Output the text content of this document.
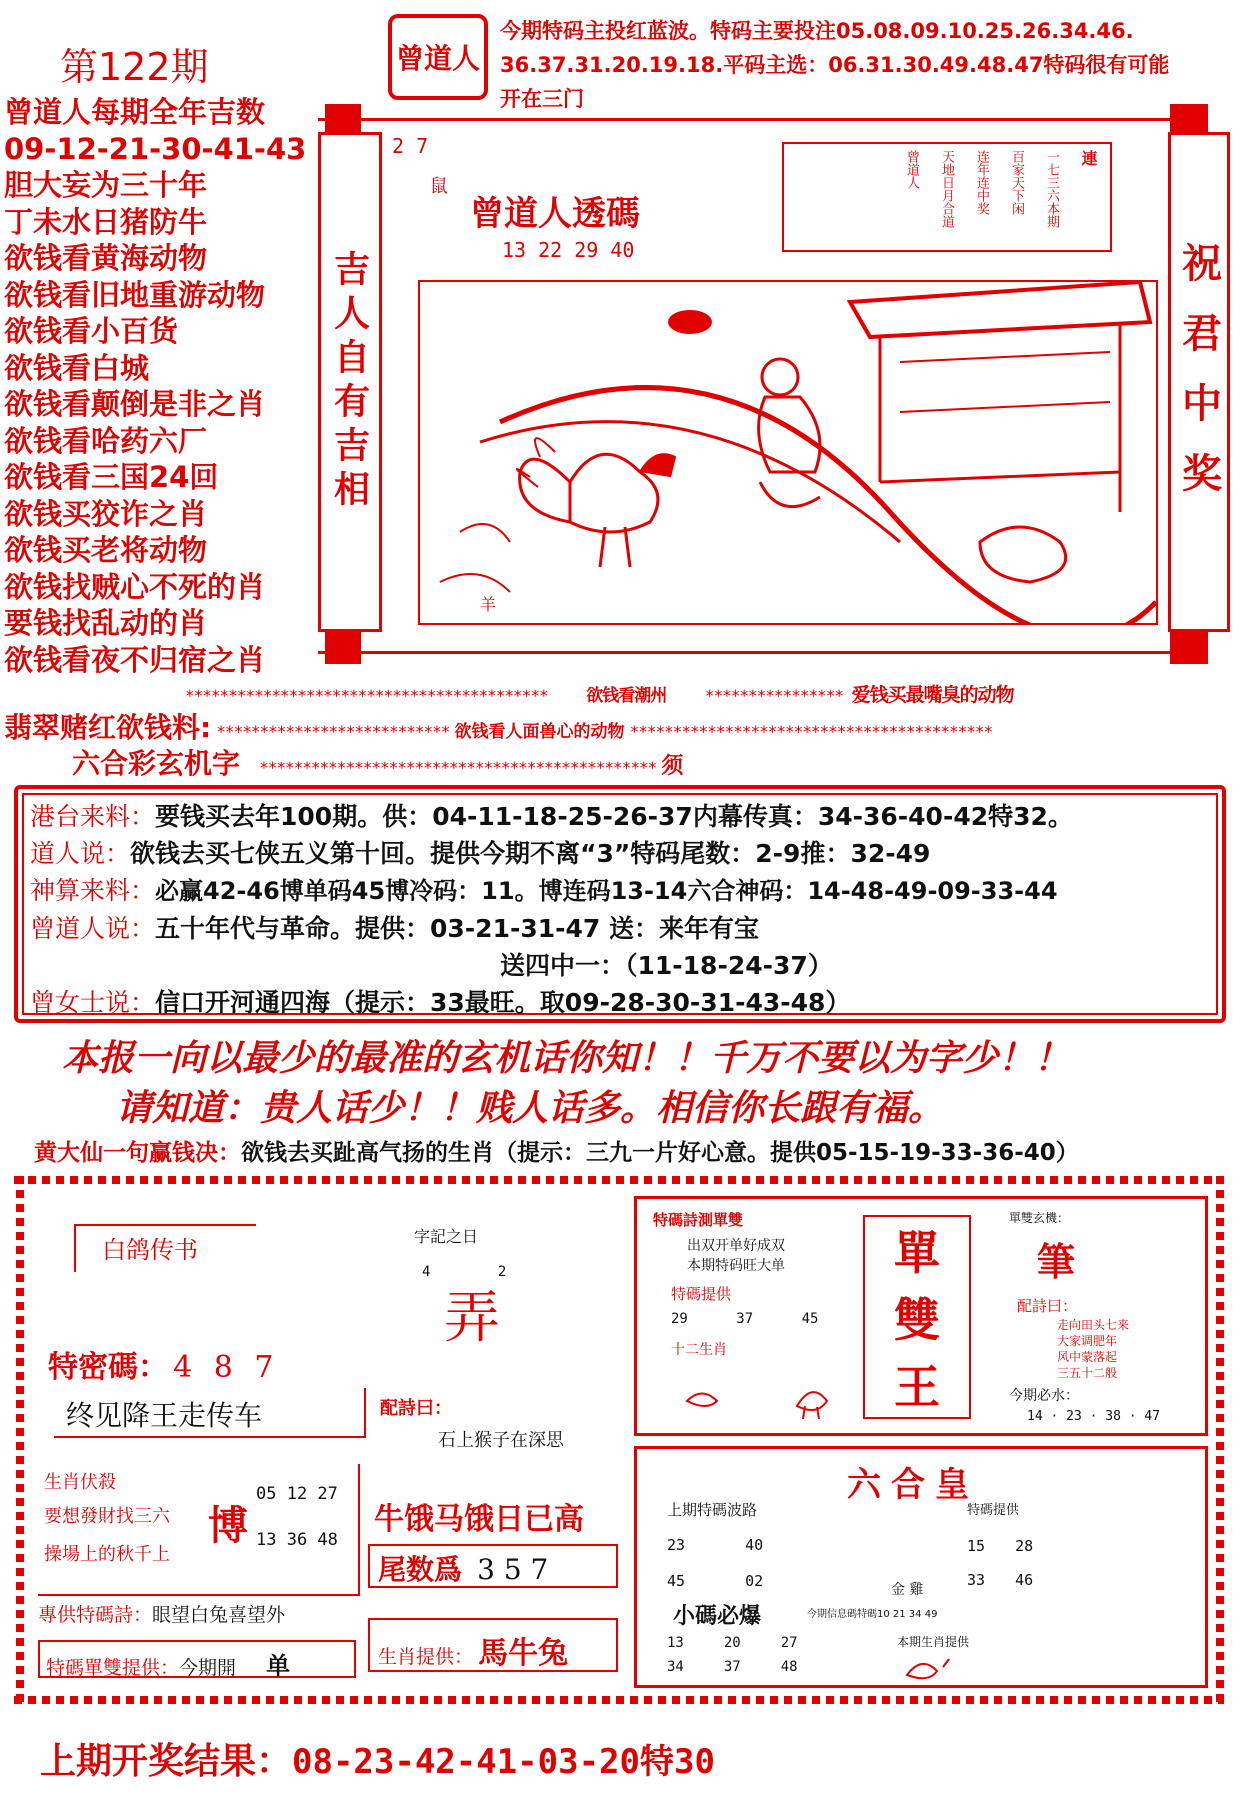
第122期	曾道人
今期特码主投红蓝波。特码主要投注05.08.09.10.25.26.34.46.
36.37.31.20.19.18.平码主选：06.31.30.49.48.47特码很有可能
开在三门
曾道人每期全年吉数
09-12-21-30-41-43
胆大妄为三十年
丁未水日猪防牛
欲钱看黄海动物
欲钱看旧地重游动物
欲钱看小百货
欲钱看白城
欲钱看颠倒是非之肖
欲钱看哈药六厂
欲钱看三国24回
欲钱买狡诈之肖
欲钱买老将动物
欲钱找贼心不死的肖
要钱找乱动的肖
欲钱看夜不归宿之肖
吉人自有吉相	祝君中奖
2 7
鼠
曾道人透碼
13 22 29 40
連
一七三六本期
百家天下闲
连年连中奖
天地日月合道
曾道人
羊
****************************************** 欲钱看潮州 **************** 爱钱买最嘴臭的动物
翡翠赌红欲钱料: *************************** 欲钱看人面兽心的动物 ******************************************
六合彩玄机字 ********************************************** 须
港台来料：要钱买去年100期。供：04-11-18-25-26-37内幕传真：34-36-40-42特32。
道人说：欲钱去买七侠五义第十回。提供今期不离“3”特码尾数：2-9推：32-49
神算来料：必赢42-46博单码45博冷码：11。博连码13-14六合神码：14-48-49-09-33-44
曾道人说：五十年代与革命。提供：03-21-31-47 送：来年有宝
送四中一：（11-18-24-37）
曾女士说：信口开河通四海（提示：33最旺。取09-28-30-31-43-48）
本报一向以最少的最准的玄机话你知！！千万不要以为字少！！
请知道：贵人话少！！贱人话多。相信你长跟有福。
黄大仙一句赢钱决：欲钱去买趾高气扬的生肖（提示：三九一片好心意。提供05-15-19-33-36-40）
白鸽传书	字記之日
4        2
弄
特密碼： 4 8 7
终见降王走传车	配詩曰：
石上猴子在深思
生肖伏殺
要想發財找三六
操場上的秋千上
博
05 12 27
13 36 48
專供特碼詩：眼望白兔喜望外
特碼單雙提供：今期開 单
牛饿马饿日已高
尾数爲 3 5 7
生肖提供： 馬牛兔
特碼詩測單雙
出双开单好成双
本期特码旺大单
特碼提供
29	37	45
十二生肖
單
雙
王
單雙玄機：
筆
配詩曰：
走向田头七来
大家调肥年
风中蒙落起
三五十二般
今期必水：
14 · 23 · 38 · 47
六合皇
上期特碼波路
23	40
45	02
特碼提供
15 28
33 46
金 雞
小碼必爆	今期信息碼特碼10 21 34 49
13	20	27
34	37	48
本期生肖提供
上期开奖结果：08-23-42-41-03-20特30
